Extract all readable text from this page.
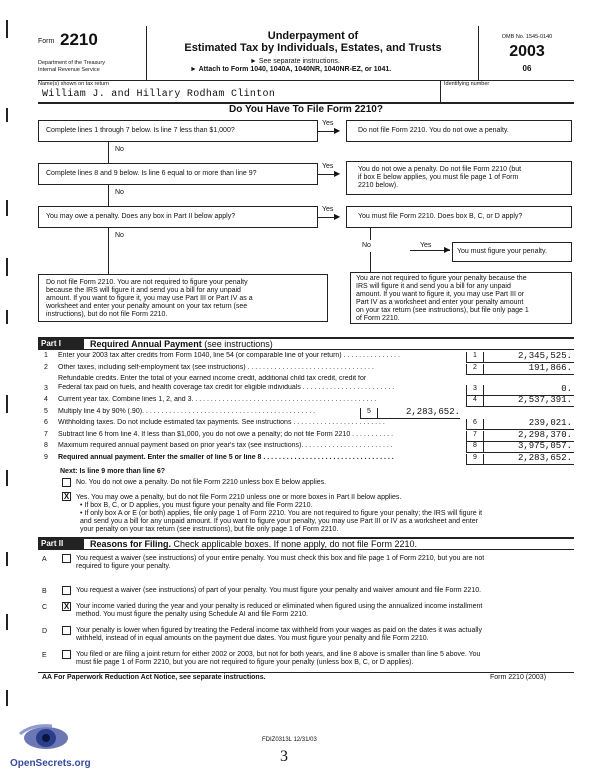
Form 2210
Department of the Treasury
Internal Revenue Service
Underpayment of
Estimated Tax by Individuals, Estates, and Trusts
► See separate instructions.
► Attach to Form 1040, 1040A, 1040NR, 1040NR-EZ, or 1041.
OMB No. 1545-0140
2003
06
Name(s) shown on tax return	Identifying number
William J. and Hillary Rodham Clinton
Do You Have To File Form 2210?
Complete lines 1 through 7 below. Is line 7 less than $1,000?
Yes
▶	Do not file Form 2210. You do not owe a penalty.
No
Complete lines 8 and 9 below. Is line 6 equal to or more than line 9?
Yes
▶	You do not owe a penalty. Do not file Form 2210 (but
if box E below applies, you must file page 1 of Form
2210 below).
No
You may owe a penalty. Does any box in Part II below apply?
Yes
▶	You must file Form 2210. Does box B, C, or D apply?
No
No	Yes ▶ You must figure your penalty.
Do not file Form 2210. You are not required to figure your penalty
because the IRS will figure it and send you a bill for any unpaid
amount. If you want to figure it, you may use Part III or Part IV as a
worksheet and enter your penalty amount on your tax return (see
instructions), but do not file Form 2210.
You are not required to figure your penalty because the
IRS will figure it and send you a bill for any unpaid
amount. If you want to figure it, you may use Part III or
Part IV as a worksheet and enter your penalty amount
on your tax return (see instructions), but file only page 1
of Form 2210.
Part I	Required Annual Payment (see instructions)
1 Enter your 2003 tax after credits from Form 1040, line 54 (or comparable line of your return) . . . . . . . . . . . . . . .	1	2,345,525.
2 Other taxes, including self-employment tax (see instructions) . . . . . . . . . . . . . . . . . . . . . . . . . . . . . . . . .	2	191,866.
3
Refundable credits. Enter the total of your earned income credit, additional child tax credit, credit for
Federal tax paid on fuels, and health coverage tax credit for eligible individuals . . . . . . . . . . . . . . . . . . . . . . . .	3	0.
4 Current year tax. Combine lines 1, 2, and 3. . . . . . . . . . . . . . . . . . . . . . . . . . . . . . . . . . . . . . . . . . . . . . . .	4	2,537,391.
5 Multiply line 4 by 90% (.90). . . . . . . . . . . . . . . . . . . . . . . . . . . . . . . . . . . . . . . . . . . . .	5	2,283,652.
6 Withholding taxes. Do not include estimated tax payments. See instructions . . . . . . . . . . . . . . . . . . . . . . . .	6	239,021.
7 Subtract line 6 from line 4. If less than $1,000, you do not owe a penalty; do not file Form 2210 . . . . . . . . . . .	7	2,298,370.
8 Maximum required annual payment based on prior year's tax (see instructions). . . . . . . . . . . . . . . . . . . . . . . .	8	3,975,057.
9 Required annual payment. Enter the smaller of line 5 or line 8 . . . . . . . . . . . . . . . . . . . . . . . . . . . . . . . . . .	9	2,283,652.
Next: Is line 9 more than line 6?
No. You do not owe a penalty. Do not file Form 2210 unless box E below applies.
X Yes. You may owe a penalty, but do not file Form 2210 unless one or more boxes in Part II below applies.
• If box B, C, or D applies, you must figure your penalty and file Form 2210.
• If only box A or E (or both) applies, file only page 1 of Form 2210. You are not required to figure your penalty; the IRS will figure it
and send you a bill for any unpaid amount. If you want to figure your penalty, you may use Part III or IV as a worksheet and enter
your penalty on your tax return (see instructions), but file only page 1 of Form 2210.
Part II	Reasons for Filing. Check applicable boxes. If none apply, do not file Form 2210.
A	You request a waiver (see instructions) of your entire penalty. You must check this box and file page 1 of Form 2210, but you are not
required to figure your penalty.
B	You request a waiver (see instructions) of part of your penalty. You must figure your penalty and waiver amount and file Form 2210.
C X Your income varied during the year and your penalty is reduced or eliminated when figured using the annualized income installment
method. You must figure the penalty using Schedule AI and file Form 2210.
D	Your penalty is lower when figured by treating the Federal income tax withheld from your wages as paid on the dates it was actually
withheld, instead of in equal amounts on the payment due dates. You must figure your penalty and file Form 2210.
E	You filed or are filing a joint return for either 2002 or 2003, but not for both years, and line 8 above is smaller than line 5 above. You
must file page 1 of Form 2210, but you are not required to figure your penalty (unless box B, C, or D applies).
AA For Paperwork Reduction Act Notice, see separate instructions.	Form 2210 (2003)
FDIZ0313L 12/31/03
3
OpenSecrets.org
